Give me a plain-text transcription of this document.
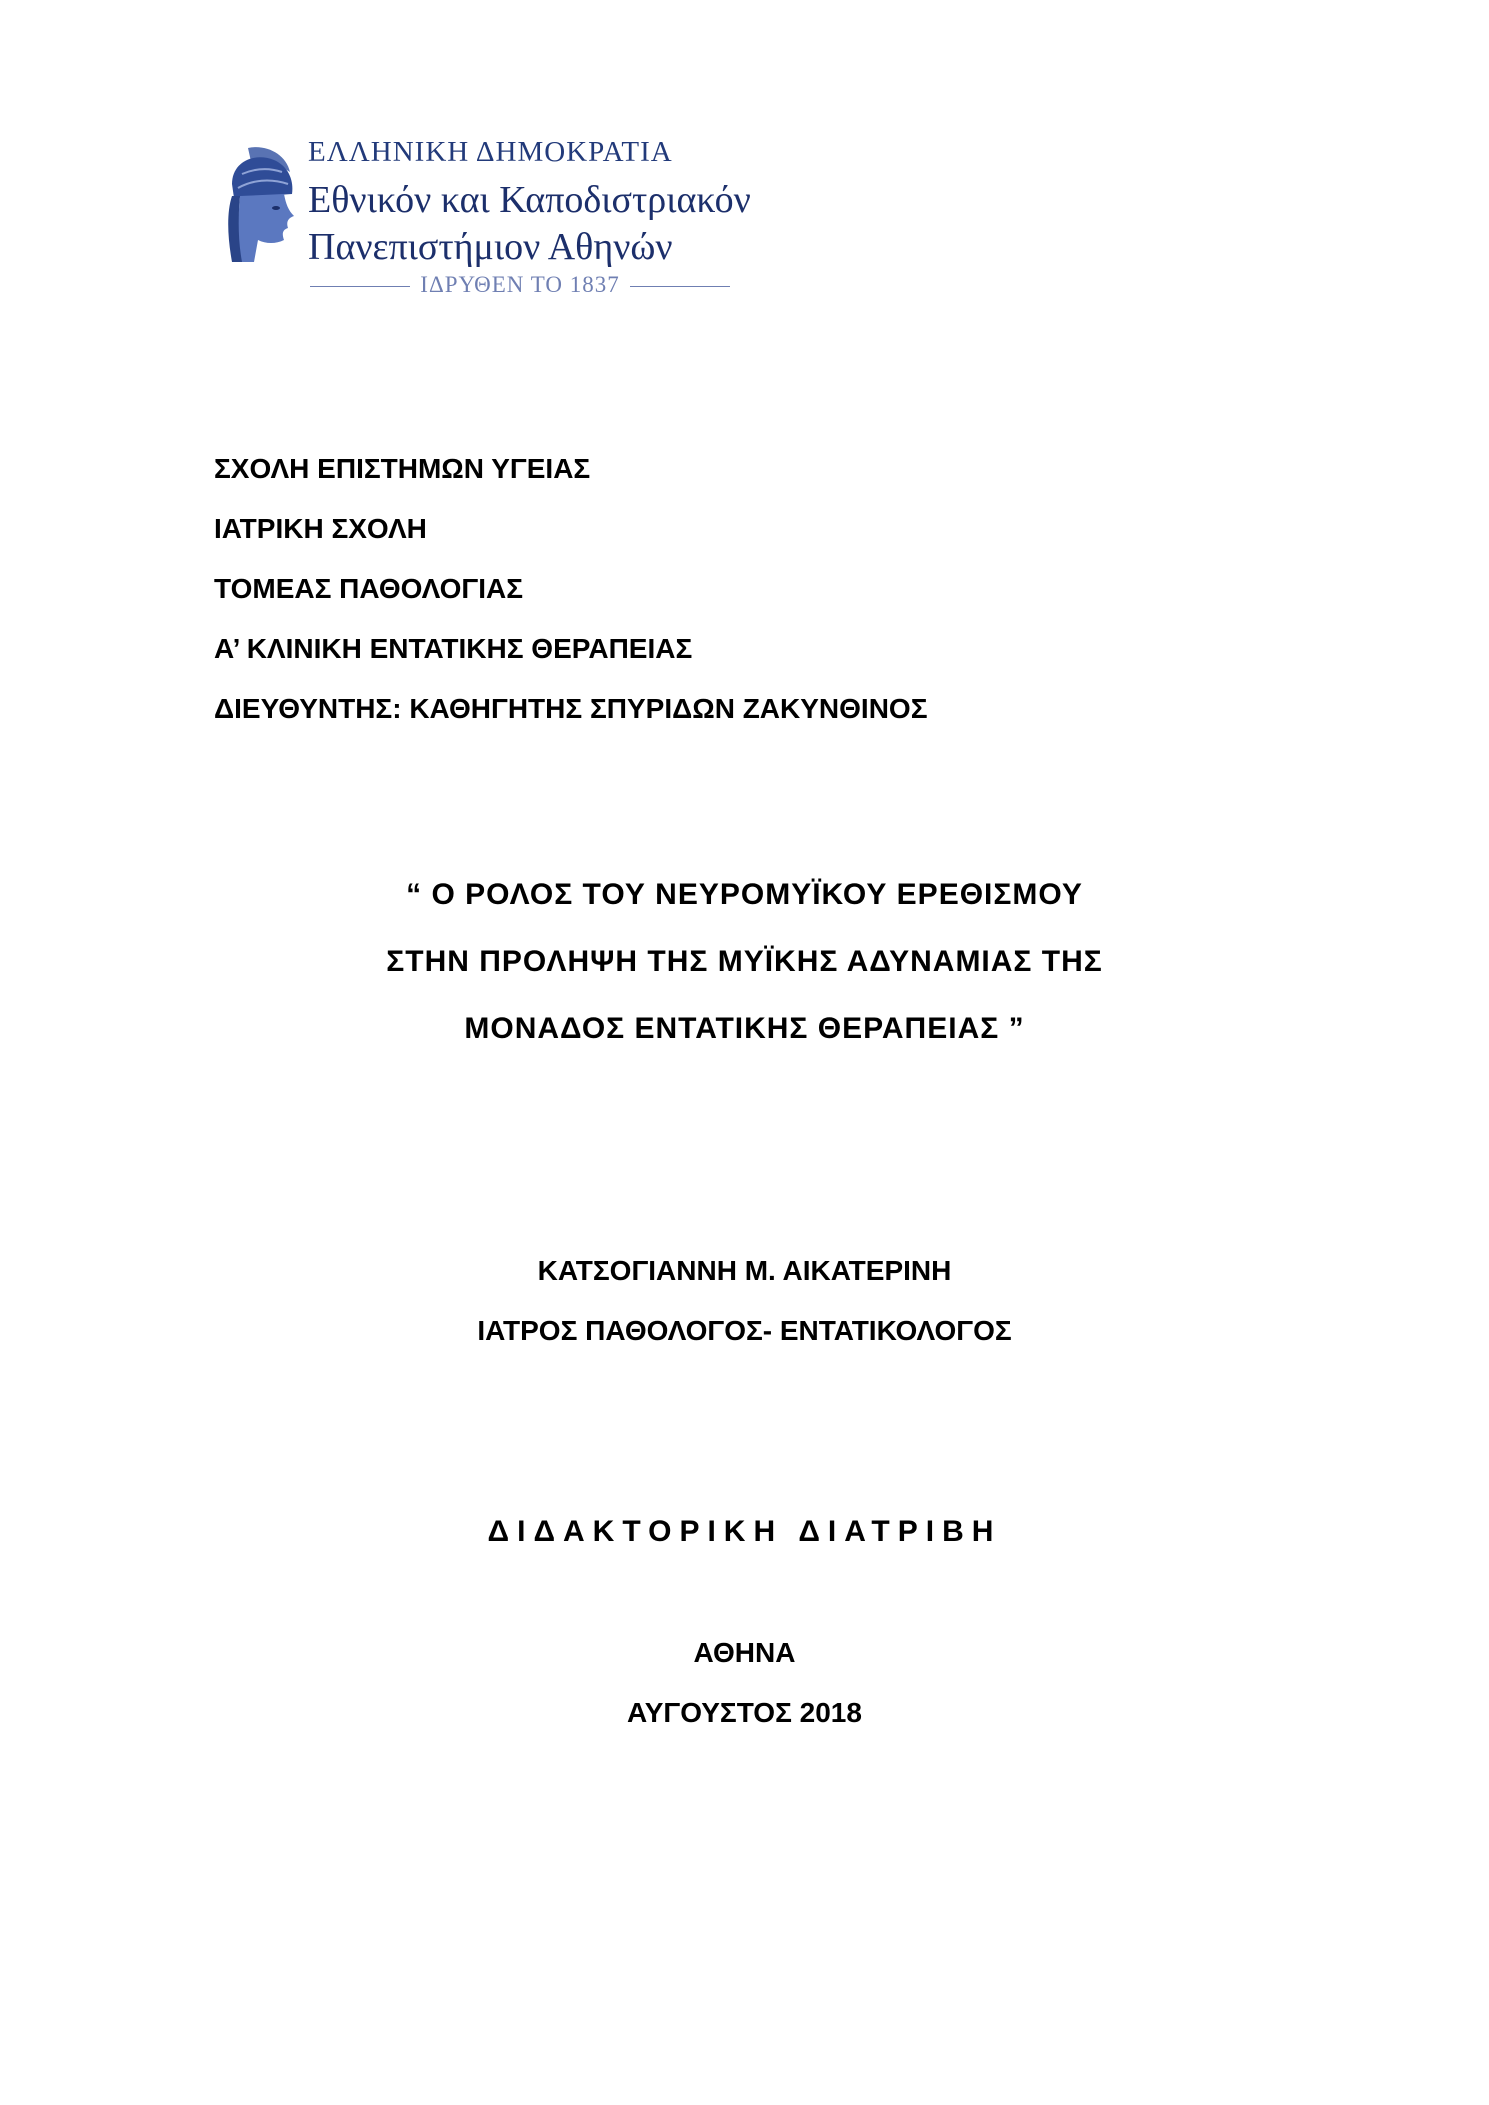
ΕΛΛΗΝΙΚΗ ΔΗΜΟΚΡΑΤΙΑ
Εθνικόν και Καποδιστριακόν
Πανεπιστήμιον Αθηνών
ΙΔΡΥΘΕΝ ΤΟ 1837
ΣΧΟΛΗ ΕΠΙΣΤΗΜΩΝ ΥΓΕΙΑΣ
ΙΑΤΡΙΚΗ ΣΧΟΛΗ
ΤΟΜΕΑΣ ΠΑΘΟΛΟΓΙΑΣ
Α’ ΚΛΙΝΙΚΗ ΕΝΤΑΤΙΚΗΣ ΘΕΡΑΠΕΙΑΣ
ΔΙΕΥΘΥΝΤΗΣ: ΚΑΘΗΓΗΤΗΣ ΣΠΥΡΙΔΩΝ ΖΑΚΥΝΘΙΝΟΣ
“ Ο ΡΟΛΟΣ ΤΟΥ ΝΕΥΡΟΜΥΪΚΟΥ ΕΡΕΘΙΣΜΟΥ
ΣΤΗΝ ΠΡΟΛΗΨΗ ΤΗΣ ΜΥΪΚΗΣ ΑΔΥΝΑΜΙΑΣ ΤΗΣ
ΜΟΝΑΔΟΣ ΕΝΤΑΤΙΚΗΣ ΘΕΡΑΠΕΙΑΣ ”
ΚΑΤΣΟΓΙΑΝΝΗ Μ. ΑΙΚΑΤΕΡΙΝΗ
ΙΑΤΡΟΣ ΠΑΘΟΛΟΓΟΣ- ΕΝΤΑΤΙΚΟΛΟΓΟΣ
ΔΙΔΑΚΤΟΡΙΚΗ ΔΙΑΤΡΙΒΗ
ΑΘΗΝΑ
ΑΥΓΟΥΣΤΟΣ 2018
